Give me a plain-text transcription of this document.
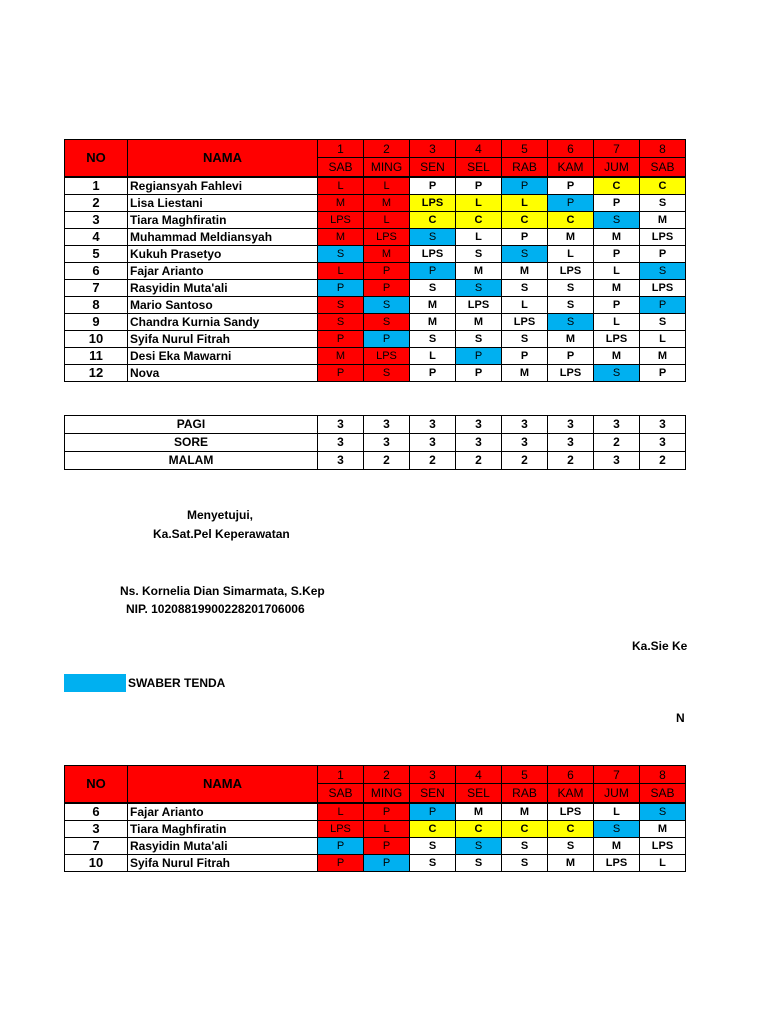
NO	NAMA	1	2	3	4	5	6	7	8
		SAB	MING	SEN	SEL	RAB	KAM	JUM	SAB
1	Regiansyah Fahlevi	L	L	P	P	P	P	C	C
2	Lisa Liestani	M	M	LPS	L	L	P	P	S
3	Tiara Maghfiratin	LPS	L	C	C	C	C	S	M
4	Muhammad Meldiansyah	M	LPS	S	L	P	M	M	LPS
5	Kukuh Prasetyo	S	M	LPS	S	S	L	P	P
6	Fajar Arianto	L	P	P	M	M	LPS	L	S
7	Rasyidin Muta'ali	P	P	S	S	S	S	M	LPS
8	Mario Santoso	S	S	M	LPS	L	S	P	P
9	Chandra Kurnia Sandy	S	S	M	M	LPS	S	L	S
10	Syifa Nurul Fitrah	P	P	S	S	S	M	LPS	L
11	Desi Eka Mawarni	M	LPS	L	P	P	P	M	M
12	Nova	P	S	P	P	M	LPS	S	P
PAGI	3	3	3	3	3	3	3	3
SORE	3	3	3	3	3	3	2	3
MALAM	3	2	2	2	2	2	3	2
Menyetujui,
Ka.Sat.Pel Keperawatan
Ns. Kornelia Dian Simarmata, S.Kep
NIP. 102088199002282017060​06
Ka.Sie Ke
N
SWABER TENDA
NO	NAMA	1	2	3	4	5	6	7	8
		SAB	MING	SEN	SEL	RAB	KAM	JUM	SAB
6	Fajar Arianto	L	P	P	M	M	LPS	L	S
3	Tiara Maghfiratin	LPS	L	C	C	C	C	S	M
7	Rasyidin Muta'ali	P	P	S	S	S	S	M	LPS
10	Syifa Nurul Fitrah	P	P	S	S	S	M	LPS	L
